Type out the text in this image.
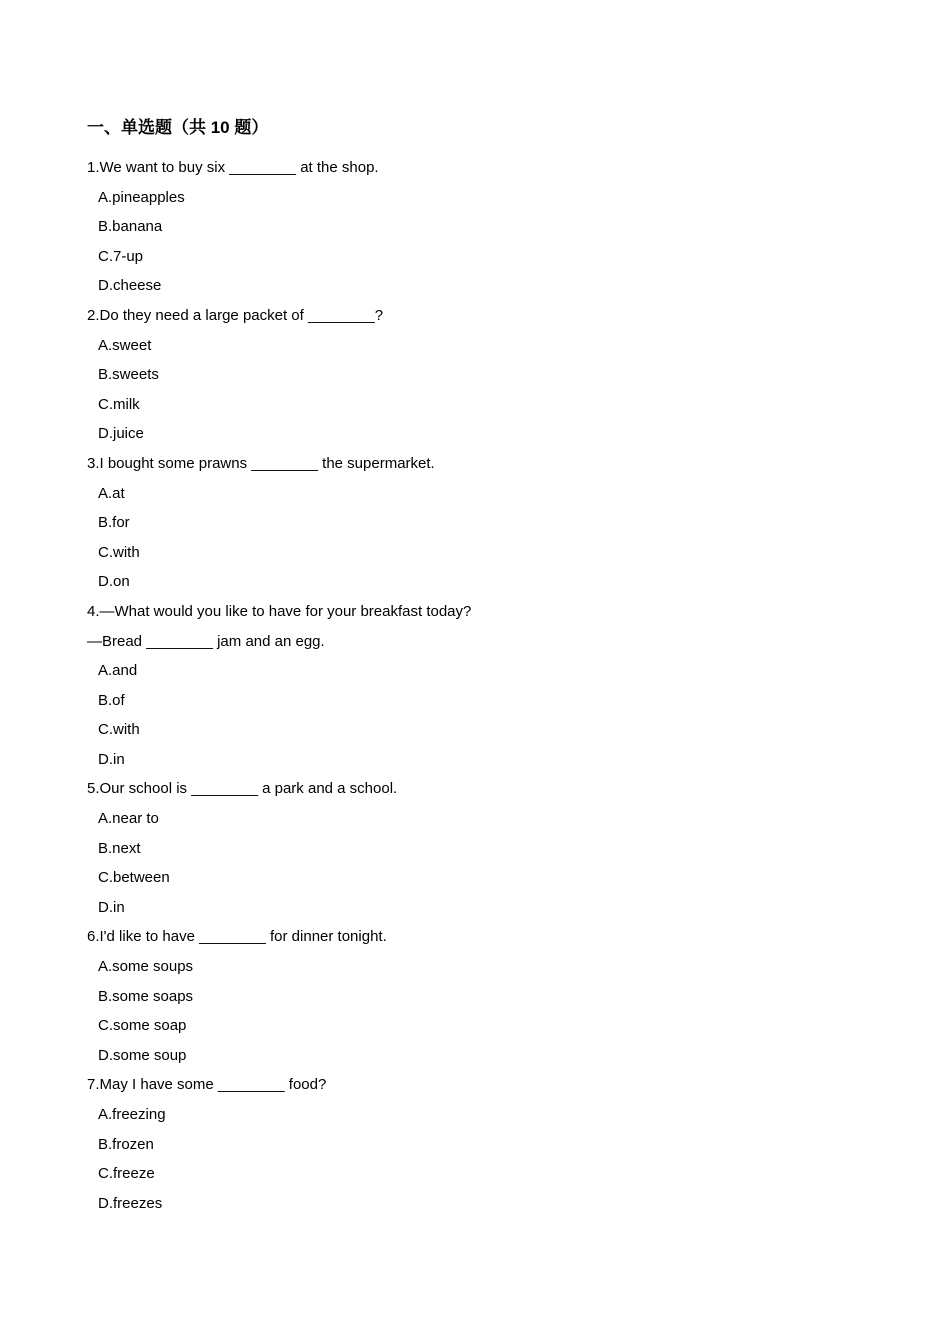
一、单选题（共 10 题）
1.We want to buy six ________ at the shop.
A.pineapples
B.banana
C.7-up
D.cheese
2.Do they need a large packet of ________?
A.sweet
B.sweets
C.milk
D.juice
3.I bought some prawns ________ the supermarket.
A.at
B.for
C.with
D.on
4.—What would you like to have for your breakfast today?
—Bread ________ jam and an egg.
A.and
B.of
C.with
D.in
5.Our school is ________ a park and a school.
A.near to
B.next
C.between
D.in
6.I'd like to have ________ for dinner tonight.
A.some soups
B.some soaps
C.some soap
D.some soup
7.May I have some ________ food?
A.freezing
B.frozen
C.freeze
D.freezes
